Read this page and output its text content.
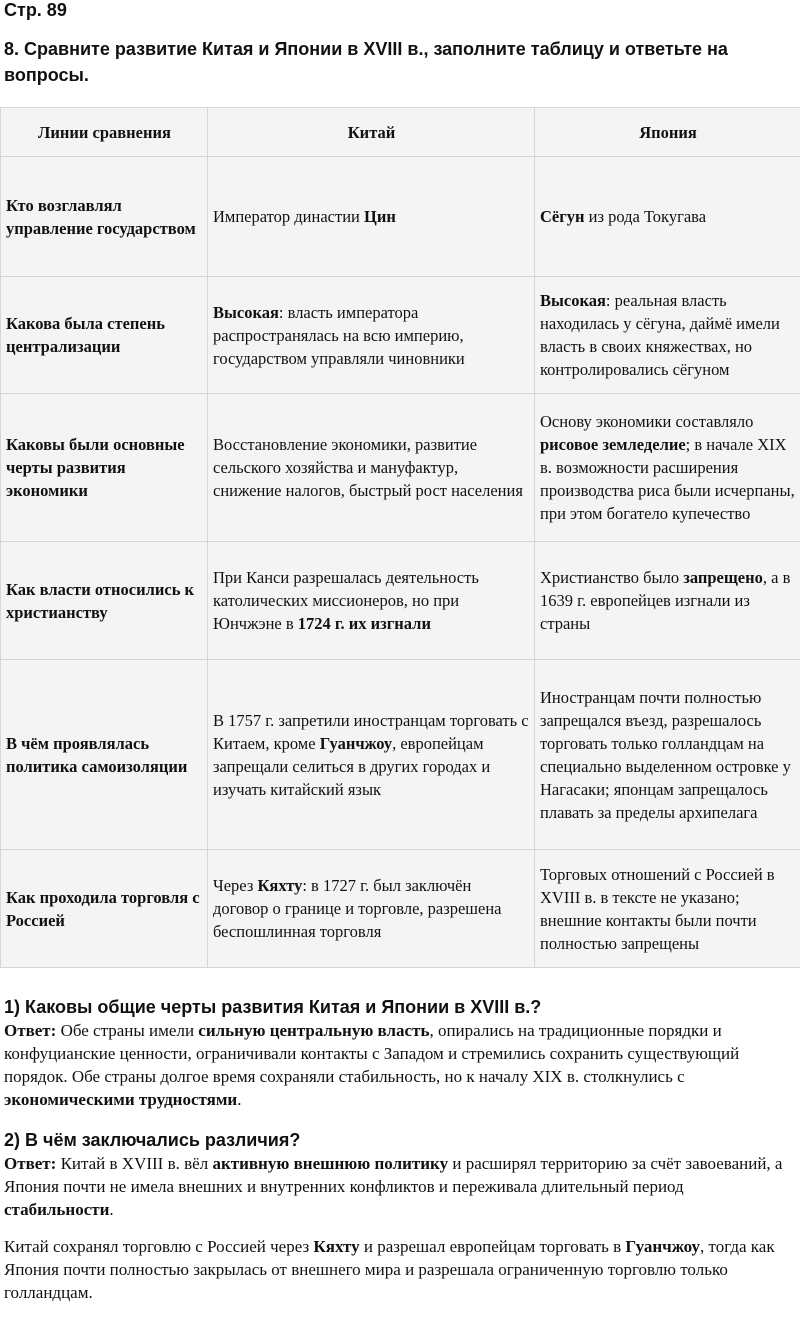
Стр. 89
8. Сравните развитие Китая и Японии в XVIII в., заполните таблицу и ответьте на вопросы.
Линии сравнения	Китай	Япония
Кто возглавлял управление государством	Император династии Цин	Сёгун из рода Токугава
Какова была степень централизации	Высокая: власть императора распространялась на всю империю, государством управляли чиновники	Высокая: реальная власть находилась у сёгуна, даймё имели власть в своих княжествах, но контролировались сёгуном
Каковы были основные черты развития экономики	Восстановление экономики, развитие сельского хозяйства и мануфактур, снижение налогов, быстрый рост населения	Основу экономики составляло рисовое земледелие; в начале XIX в. возможности расширения производства риса были исчерпаны, при этом богатело купечество
Как власти относились к христианству	При Канси разрешалась деятельность католических миссионеров, но при Юнчжэне в 1724 г. их изгнали	Христианство было запрещено, а в 1639 г. европейцев изгнали из страны
В чём проявлялась политика самоизоляции	В 1757 г. запретили иностранцам торговать с Китаем, кроме Гуанчжоу, европейцам запрещали селиться в других городах и изучать китайский язык	Иностранцам почти полностью запрещался въезд, разрешалось торговать только голландцам на специально выделенном островке у Нагасаки; японцам запрещалось плавать за пределы архипелага
Как проходила торговля с Россией	Через Кяхту: в 1727 г. был заключён договор о границе и торговле, разрешена беспошлинная торговля	Торговых отношений с Россией в XVIII в. в тексте не указано; внешние контакты были почти полностью запрещены

1) Каковы общие черты развития Китая и Японии в XVIII в.?

Ответ: Обе страны имели сильную центральную власть, опирались на традиционные порядки и конфуцианские ценности, ограничивали контакты с Западом и стремились сохранить существующий порядок. Обе страны долгое время сохраняли стабильность, но к началу XIX в. столкнулись с экономическими трудностями.

2) В чём заключались различия?

Ответ: Китай в XVIII в. вёл активную внешнюю политику и расширял территорию за счёт завоеваний, а Япония почти не имела внешних и внутренних конфликтов и переживала длительный период стабильности.

Китай сохранял торговлю с Россией через Кяхту и разрешал европейцам торговать в Гуанчжоу, тогда как Япония почти полностью закрылась от внешнего мира и разрешала ограниченную торговлю только голландцам.
